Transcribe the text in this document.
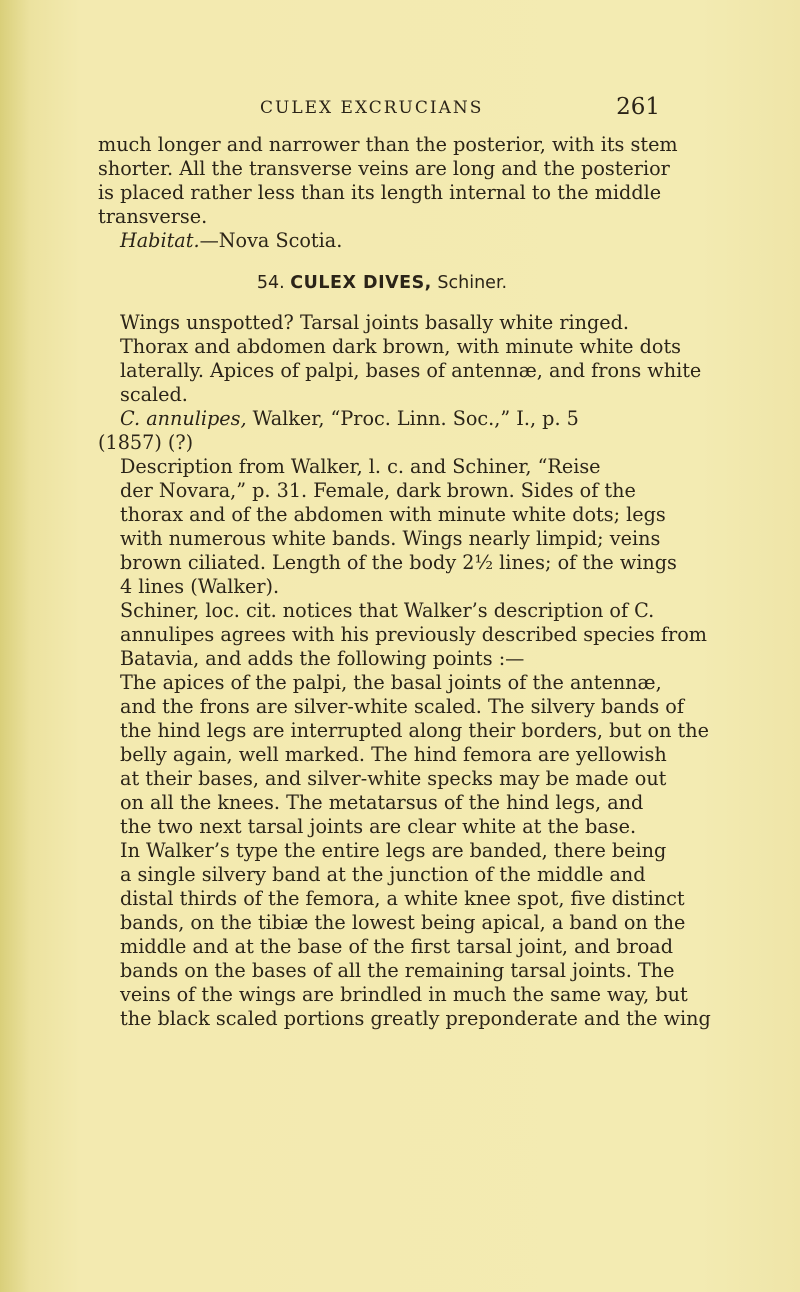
CULEX EXCRUCIANS	261

much longer and narrower than the posterior, with its stem
shorter. All the transverse veins are long and the posterior
is placed rather less than its length internal to the middle
transverse.

Habitat.—Nova Scotia.

54. CULEX DIVES, Schiner.

Wings unspotted? Tarsal joints basally white ringed.
Thorax and abdomen dark brown, with minute white dots
laterally. Apices of palpi, bases of antennæ, and frons white
scaled.

C. annulipes, Walker, “Proc. Linn. Soc.,” I., p. 5
(1857) (?)

Description from Walker, l. c. and Schiner, “Reise
der Novara,” p. 31. Female, dark brown. Sides of the
thorax and of the abdomen with minute white dots; legs
with numerous white bands. Wings nearly limpid; veins
brown ciliated. Length of the body 2½ lines; of the wings
4 lines (Walker).

Schiner, loc. cit. notices that Walker’s description of C.
annulipes agrees with his previously described species from
Batavia, and adds the following points :—

The apices of the palpi, the basal joints of the antennæ,
and the frons are silver-white scaled. The silvery bands of
the hind legs are interrupted along their borders, but on the
belly again, well marked. The hind femora are yellowish
at their bases, and silver-white specks may be made out
on all the knees. The metatarsus of the hind legs, and
the two next tarsal joints are clear white at the base.

In Walker’s type the entire legs are banded, there being
a single silvery band at the junction of the middle and
distal thirds of the femora, a white knee spot, five distinct
bands, on the tibiæ the lowest being apical, a band on the
middle and at the base of the first tarsal joint, and broad
bands on the bases of all the remaining tarsal joints. The
veins of the wings are brindled in much the same way, but
the black scaled portions greatly preponderate and the wing
